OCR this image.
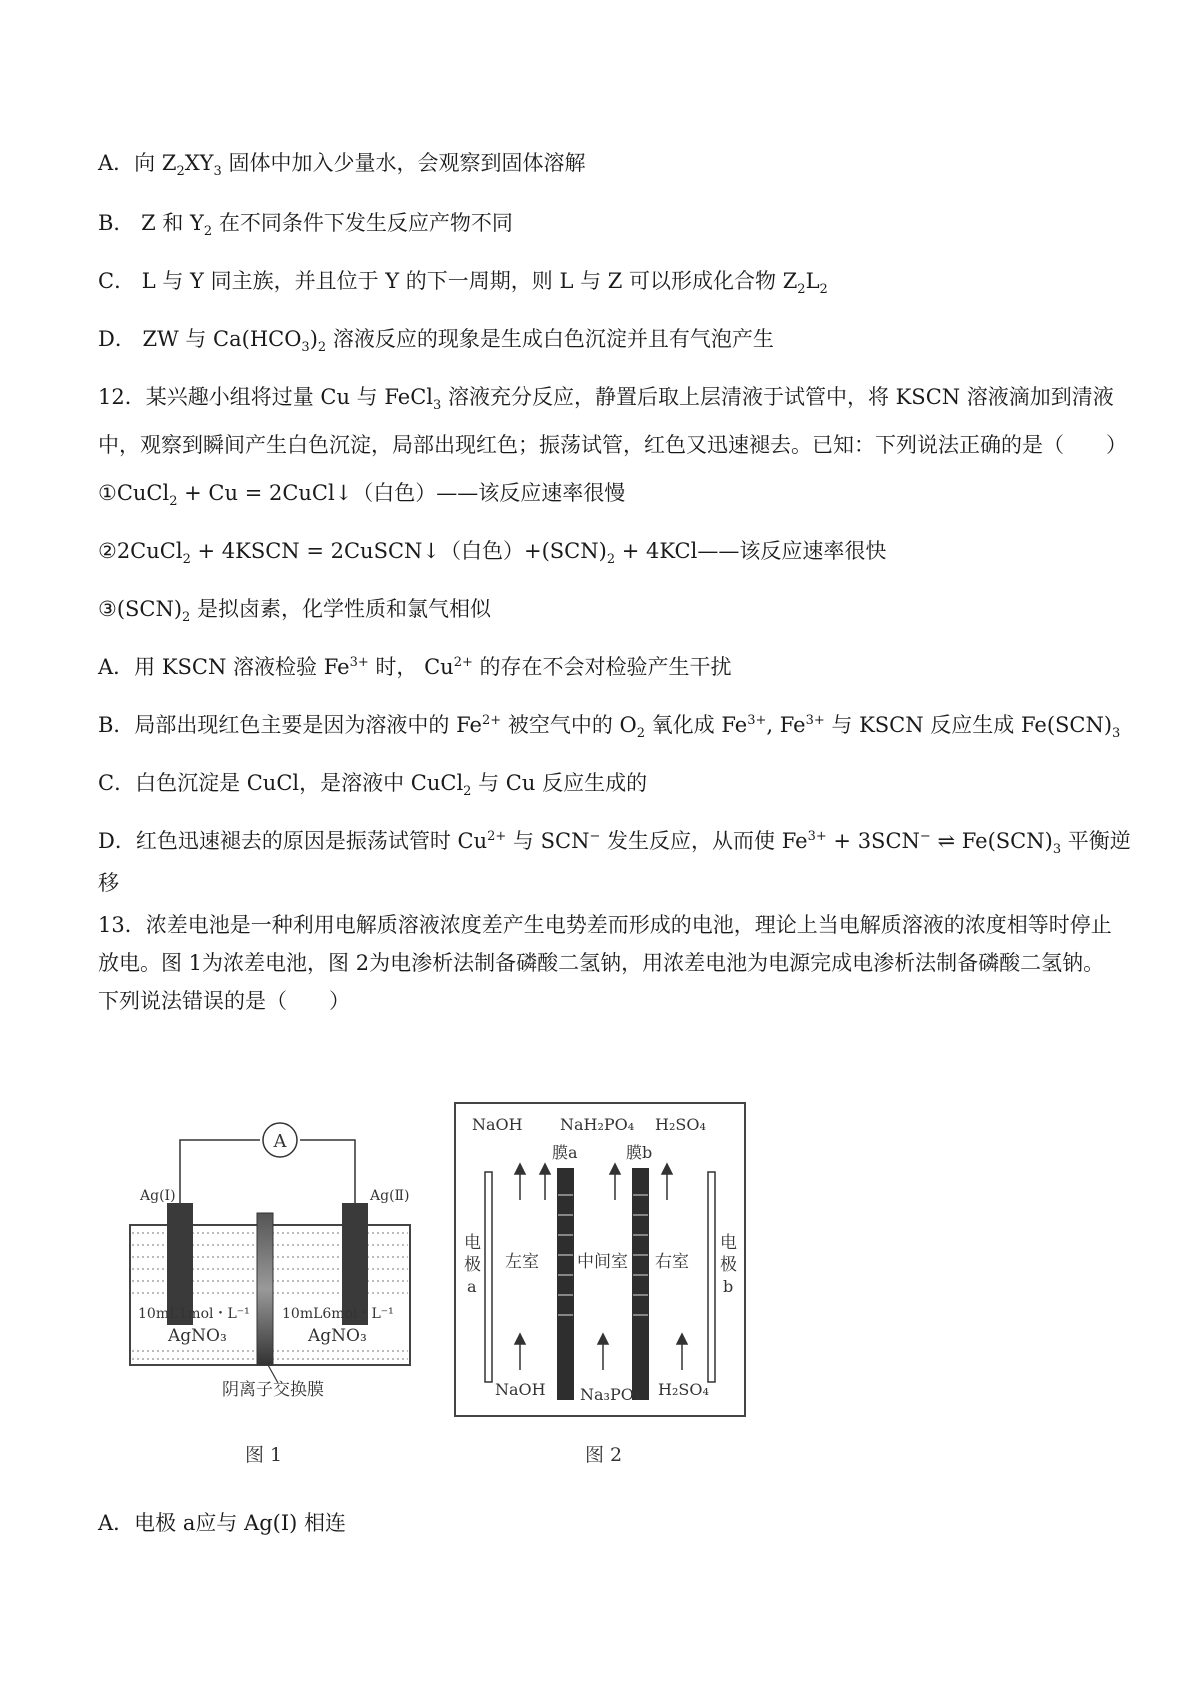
A．向 $Z_2XY_3$ 固体中加入少量水，会观察到固体溶解
B． Z 和 $Y_2$ 在不同条件下发生反应产物不同
C． L 与 Y 同主族，并且位于 Y 的下一周期，则 L 与 Z 可以形成化合物 $Z_2L_2$
D． ZW 与 $Ca(HCO_3)_2$ 溶液反应的现象是生成白色沉淀并且有气泡产生
12．某兴趣小组将过量 Cu 与 FeCl$_3$ 溶液充分反应，静置后取上层清液于试管中，将 KSCN 溶液滴加到清液
中，观察到瞬间产生白色沉淀，局部出现红色；振荡试管，红色又迅速褪去。已知：下列说法正确的是（　　）
①CuCl$_2$ + Cu = 2CuCl↓（白色）——该反应速率很慢
②2CuCl$_2$ + 4KSCN = 2CuSCN↓（白色）$+(SCN)_2$ + 4KCl——该反应速率很快
$③(SCN)_2$ 是拟卤素，化学性质和氯气相似
A．用 KSCN 溶液检验 $Fe^{3+}$ 时， $Cu^{2+}$ 的存在不会对检验产生干扰
B．局部出现红色主要是因为溶液中的 $Fe^{2+}$ 被空气中的 $O_2$ 氧化成 $Fe^{3+}$, $Fe^{3+}$ 与 KSCN 反应生成 $Fe(SCN)_3$
C．白色沉淀是 CuCl，是溶液中 CuCl$_2$ 与 Cu 反应生成的
D．红色迅速褪去的原因是振荡试管时 $Cu^{2+}$ 与 SCN− 发生反应，从而使 $Fe^{3+} + 3SCN^-$ ⇌ $Fe(SCN)_3$ 平衡逆
移
13．浓差电池是一种利用电解质溶液浓度差产生电势差而形成的电池，理论上当电解质溶液的浓度相等时停止
放电。图 1为浓差电池，图 2为电渗析法制备磷酸二氢钠，用浓差电池为电源完成电渗析法制备磷酸二氢钠。
下列说法错误的是（　　）
A
Ag(Ⅰ)	Ag(Ⅱ)
10mL1mol・L⁻¹
AgNO₃
10mL6mol・L⁻¹
AgNO₃
阴离子交换膜
图 1
NaOH NaH₂PO₄ H₂SO₄
膜a	膜b
电
极
a
电
极
b
左室 中间室 右室
NaOH Na₃PO₄ H₂SO₄
图 2
A．电极 a应与 Ag(Ⅰ) 相连
